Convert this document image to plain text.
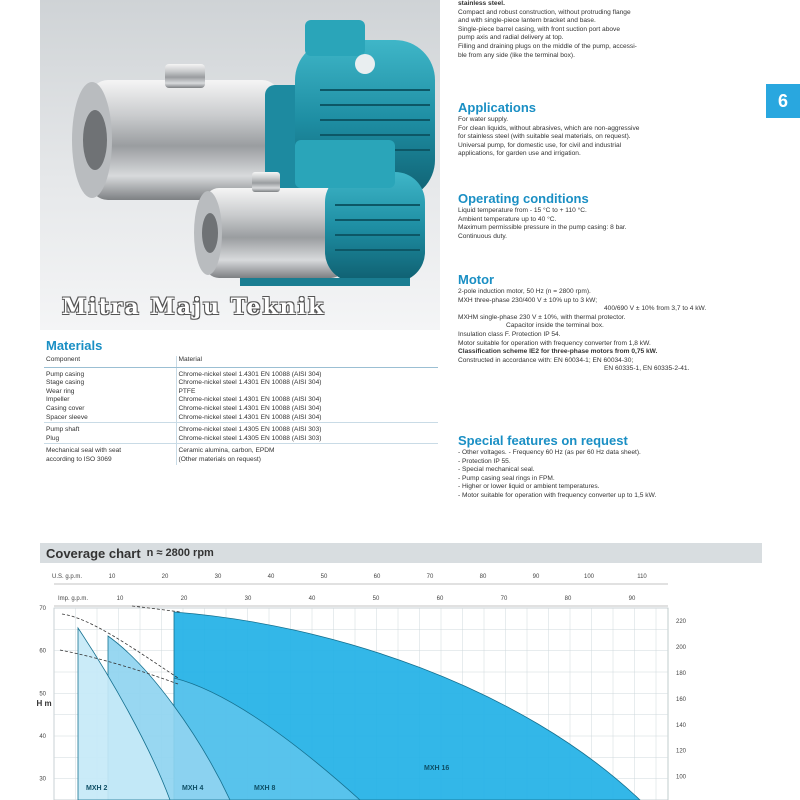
Mitra Maju Teknik
6
stainless steel.
Compact and robust construction, without protruding flange
and with single-piece lantern bracket and base.
Single-piece barrel casing, with front suction port above
pump axis and radial delivery at top.
Filling and draining plugs on the middle of the pump, accessi-
ble from any side (like the terminal box).
Applications
For water supply.
For clean liquids, without abrasives, which are non-aggressive
for stainless steel (with suitable seal materials, on request).
Universal pump, for domestic use, for civil and industrial
applications, for garden use and irrigation.
Operating conditions
Liquid temperature from - 15 °C to + 110 °C.
Ambient temperature up to 40 °C.
Maximum permissible pressure in the pump casing: 8 bar.
Continuous duty.
Motor
2-pole induction motor, 50 Hz (n = 2800 rpm).
MXH three-phase 230/400 V ± 10% up to 3 kW;
400/690 V ± 10% from 3,7 to 4 kW.
MXHM single-phase 230 V ± 10%, with thermal protector.
Capacitor inside the terminal box.
Insulation class F. Protection IP 54.
Motor suitable for operation with frequency converter from 1,8 kW.
Classification scheme IE2 for three-phase motors from 0,75 kW.
Constructed in accordance with: EN 60034-1; EN 60034-30;
EN 60335-1, EN 60335-2-41.
Special features on request
- Other voltages. - Frequency 60 Hz (as per 60 Hz data sheet).
- Protection IP 55.
- Special mechanical seal.
- Pump casing seal rings in FPM.
- Higher or lower liquid or ambient temperatures.
- Motor suitable for operation with frequency converter up to 1,5 kW.
Materials
Component	Material
Pump casing	Chrome-nickel steel 1.4301 EN 10088 (AISI 304)
Stage casing	Chrome-nickel steel 1.4301 EN 10088 (AISI 304)
Wear ring	PTFE
Impeller	Chrome-nickel steel 1.4301 EN 10088 (AISI 304)
Casing cover	Chrome-nickel steel 1.4301 EN 10088 (AISI 304)
Spacer sleeve	Chrome-nickel steel 1.4301 EN 10088 (AISI 304)
Pump shaft	Chrome-nickel steel 1.4305 EN 10088 (AISI 303)
Plug	Chrome-nickel steel 1.4305 EN 10088 (AISI 303)
Mechanical seal with seat	Ceramic alumina, carbon, EPDM
according to ISO 3069	(Other materials on request)
Coverage chart n ≈ 2800 rpm
U.S. g.p.m.	10	20	30	40	50	60	70	80	90	100	110
Imp. g.p.m.	10	20	30	40	50	60	70	80	90
30
40
50
60
70
H m
100
120
140
160
180
200
220
MXH 2	MXH 4	MXH 8
MXH 16
